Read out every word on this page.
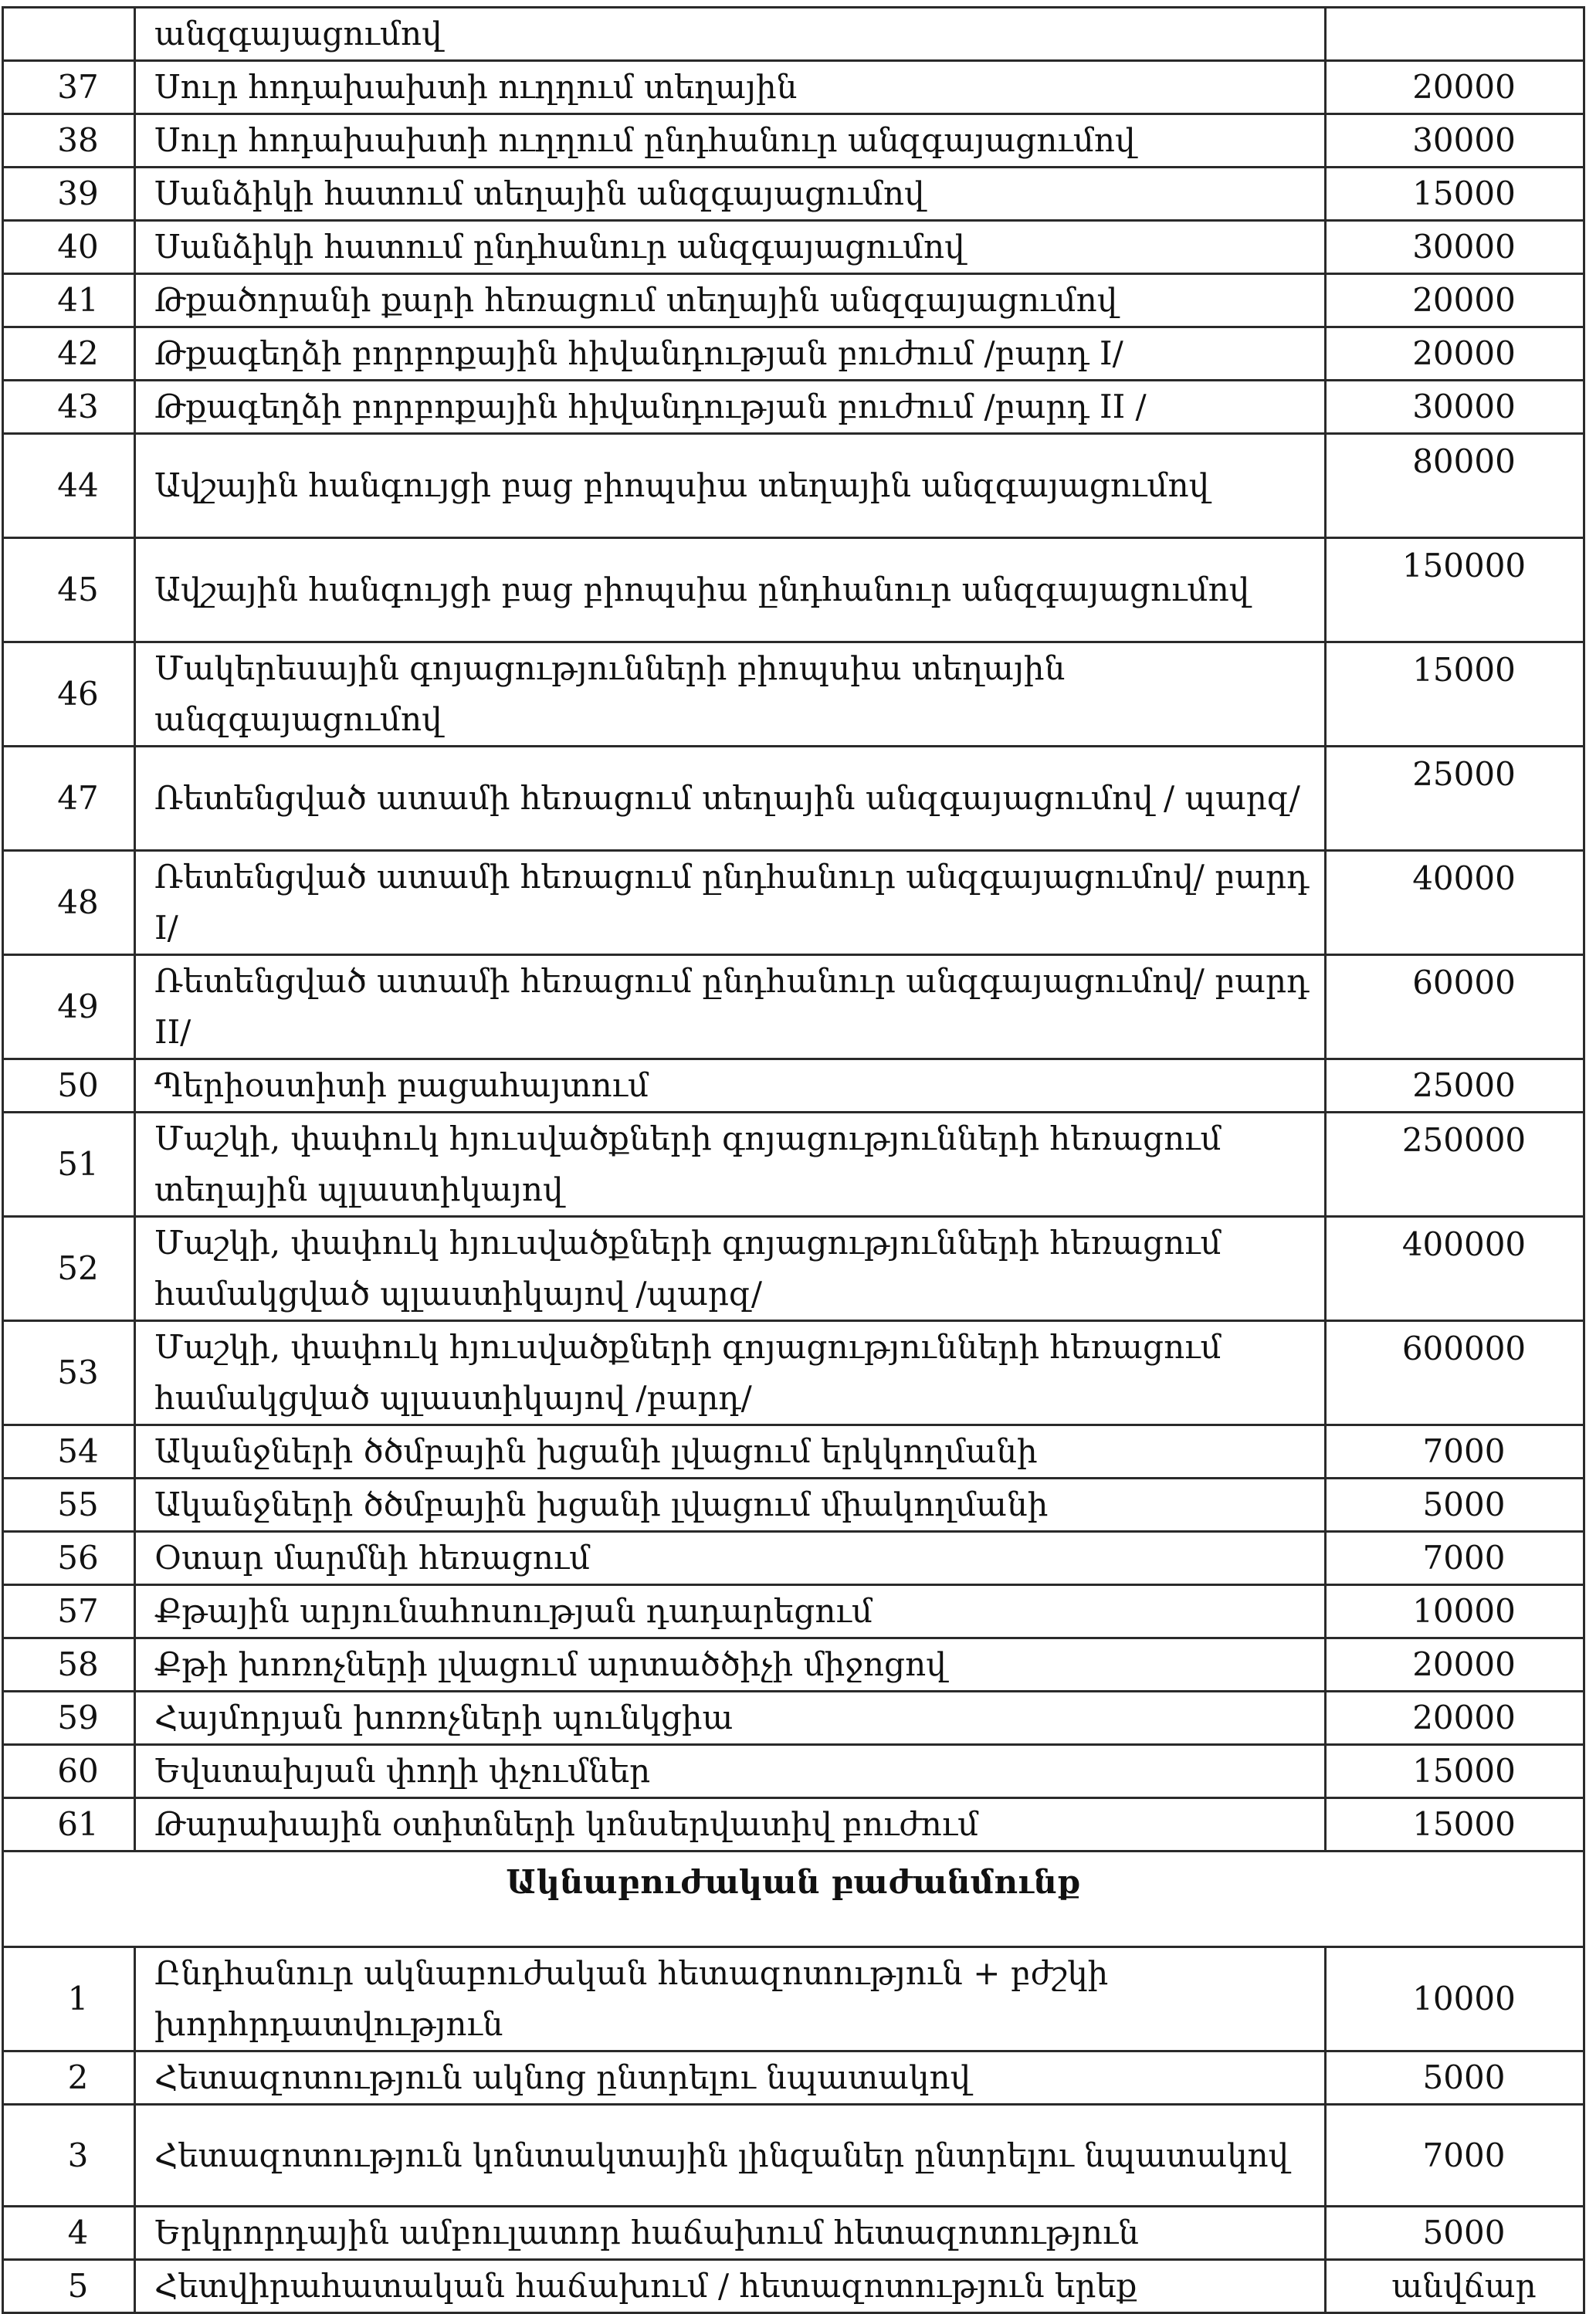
	անզգայացումով	
37	Սուր հոդախախտի ուղղում տեղային	20000
38	Սուր հոդախախտի ուղղում ընդհանուր անզգայացումով	30000
39	Սանձիկի հատում տեղային անզգայացումով	15000
40	Սանձիկի հատում ընդհանուր անզգայացումով	30000
41	Թքածորանի քարի հեռացում տեղային անզգայացումով	20000
42	Թքագեղձի բորբոքային հիվանդության բուժում /բարդ I/	20000
43	Թքագեղձի բորբոքային հիվանդության բուժում /բարդ II /	30000
44	Ավշային հանգույցի բաց բիոպսիա տեղային անզգայացումով	80000
45	Ավշային հանգույցի բաց բիոպսիա ընդհանուր անզգայացումով	150000
46	Մակերեսային գոյացությունների բիոպսիա տեղային անզգայացումով	15000
47	Ռետենցված ատամի հեռացում տեղային անզգայացումով / պարզ/	25000
48	Ռետենցված ատամի հեռացում ընդհանուր անզգայացումով/ բարդ I/	40000
49	Ռետենցված ատամի հեռացում ընդհանուր անզգայացումով/ բարդ II/	60000
50	Պերիօստիտի բացահայտում	25000
51	Մաշկի, փափուկ հյուսվածքների գոյացությունների հեռացում տեղային պլաստիկայով	250000
52	Մաշկի, փափուկ հյուսվածքների գոյացությունների հեռացում համակցված պլաստիկայով /պարզ/	400000
53	Մաշկի, փափուկ հյուսվածքների գոյացությունների հեռացում համակցված պլաստիկայով /բարդ/	600000
54	Ականջների ծծմբային խցանի լվացում երկկողմանի	7000
55	Ականջների ծծմբային խցանի լվացում միակողմանի	5000
56	Օտար մարմնի հեռացում	7000
57	Քթային արյունահոսության դադարեցում	10000
58	Քթի խոռոչների լվացում արտածծիչի միջոցով	20000
59	Հայմորյան խոռոչների պունկցիա	20000
60	Եվստախյան փողի փչումներ	15000
61	Թարախային օտիտների կոնսերվատիվ բուժում	15000
Ակնաբուժական բաժանմունք		
1	Ընդհանուր ակնաբուժական հետազոտություն + բժշկի խորհրդատվություն	10000
2	Հետազոտություն ակնոց ընտրելու նպատակով	5000
3	Հետազոտություն կոնտակտային լինզաներ ընտրելու նպատակով	7000
4	Երկրորդային ամբուլատոր հաճախում հետազոտություն	5000
5	Հետվիրահատական հաճախում / հետազոտություն երեք	անվճար
